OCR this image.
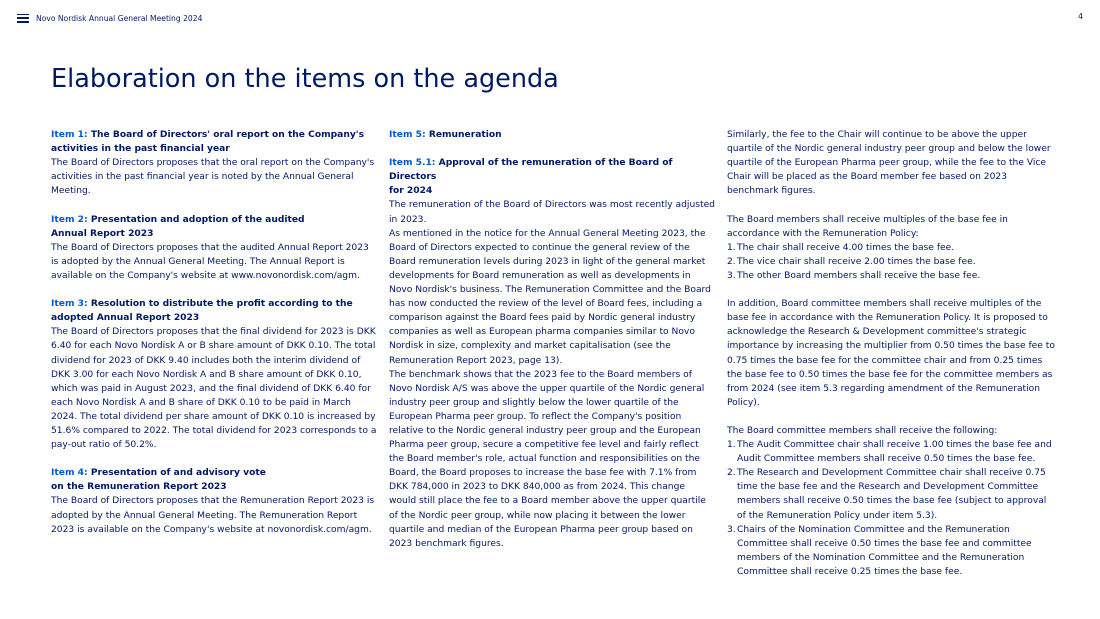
Novo Nordisk Annual General Meeting 2024	4
Elaboration on the items on the agenda

Item 1: The Board of Directors' oral report on the Company's
activities in the past financial year

The Board of Directors proposes that the oral report on the Company's activities in the past financial year is noted by the Annual General Meeting.

Item 2: Presentation and adoption of the audited
Annual Report 2023

The Board of Directors proposes that the audited Annual Report 2023 is adopted by the Annual General Meeting. The Annual Report is available on the Company's website at www.novonordisk.com/agm.

Item 3: Resolution to distribute the profit according to the
adopted Annual Report 2023

The Board of Directors proposes that the final dividend for 2023 is DKK 6.40 for each Novo Nordisk A or B share amount of DKK 0.10. The total dividend for 2023 of DKK 9.40 includes both the interim dividend of DKK 3.00 for each Novo Nordisk A and B share amount of DKK 0.10, which was paid in August 2023, and the final dividend of DKK 6.40 for each Novo Nordisk A and B share of DKK 0.10 to be paid in March 2024. The total dividend per share amount of DKK 0.10 is increased by 51.6% compared to 2022. The total dividend for 2023 corresponds to a pay-out ratio of 50.2%.

Item 4: Presentation of and advisory vote
on the Remuneration Report 2023

The Board of Directors proposes that the Remuneration Report 2023 is adopted by the Annual General Meeting. The Remuneration Report 2023 is available on the Company's website at novonordisk.com/agm.

Item 5: Remuneration

Item 5.1: Approval of the remuneration of the Board of Directors
for 2024

The remuneration of the Board of Directors was most recently adjusted in 2023.

As mentioned in the notice for the Annual General Meeting 2023, the Board of Directors expected to continue the general review of the Board remuneration levels during 2023 in light of the general market developments for Board remuneration as well as developments in Novo Nordisk's business. The Remuneration Committee and the Board has now conducted the review of the level of Board fees, including a comparison against the Board fees paid by Nordic general industry companies as well as European pharma companies similar to Novo Nordisk in size, complexity and market capitalisation (see the Remuneration Report 2023, page 13).

The benchmark shows that the 2023 fee to the Board members of Novo Nordisk A/S was above the upper quartile of the Nordic general industry peer group and slightly below the lower quartile of the European Pharma peer group. To reflect the Company's position relative to the Nordic general industry peer group and the European Pharma peer group, secure a competitive fee level and fairly reflect the Board member's role, actual function and responsibilities on the Board, the Board proposes to increase the base fee with 7.1% from DKK 784,000 in 2023 to DKK 840,000 as from 2024. This change would still place the fee to a Board member above the upper quartile of the Nordic peer group, while now placing it between the lower quartile and median of the European Pharma peer group based on 2023 benchmark figures.

Similarly, the fee to the Chair will continue to be above the upper quartile of the Nordic general industry peer group and below the lower quartile of the European Pharma peer group, while the fee to the Vice Chair will be placed as the Board member fee based on 2023 benchmark figures.

The Board members shall receive multiples of the base fee in accordance with the Remuneration Policy:

1. The chair shall receive 4.00 times the base fee.
2. The vice chair shall receive 2.00 times the base fee.
3. The other Board members shall receive the base fee.

In addition, Board committee members shall receive multiples of the base fee in accordance with the Remuneration Policy. It is proposed to acknowledge the Research & Development committee's strategic importance by increasing the multiplier from 0.50 times the base fee to 0.75 times the base fee for the committee chair and from 0.25 times the base fee to 0.50 times the base fee for the committee members as from 2024 (see item 5.3 regarding amendment of the Remuneration Policy).

The Board committee members shall receive the following:

1. The Audit Committee chair shall receive 1.00 times the base fee and Audit Committee members shall receive 0.50 times the base fee.
2. The Research and Development Committee chair shall receive 0.75 time the base fee and the Research and Development Committee members shall receive 0.50 times the base fee (subject to approval of the Remuneration Policy under item 5.3).
3. Chairs of the Nomination Committee and the Remuneration Committee shall receive 0.50 times the base fee and committee members of the Nomination Committee and the Remuneration Committee shall receive 0.25 times the base fee.
